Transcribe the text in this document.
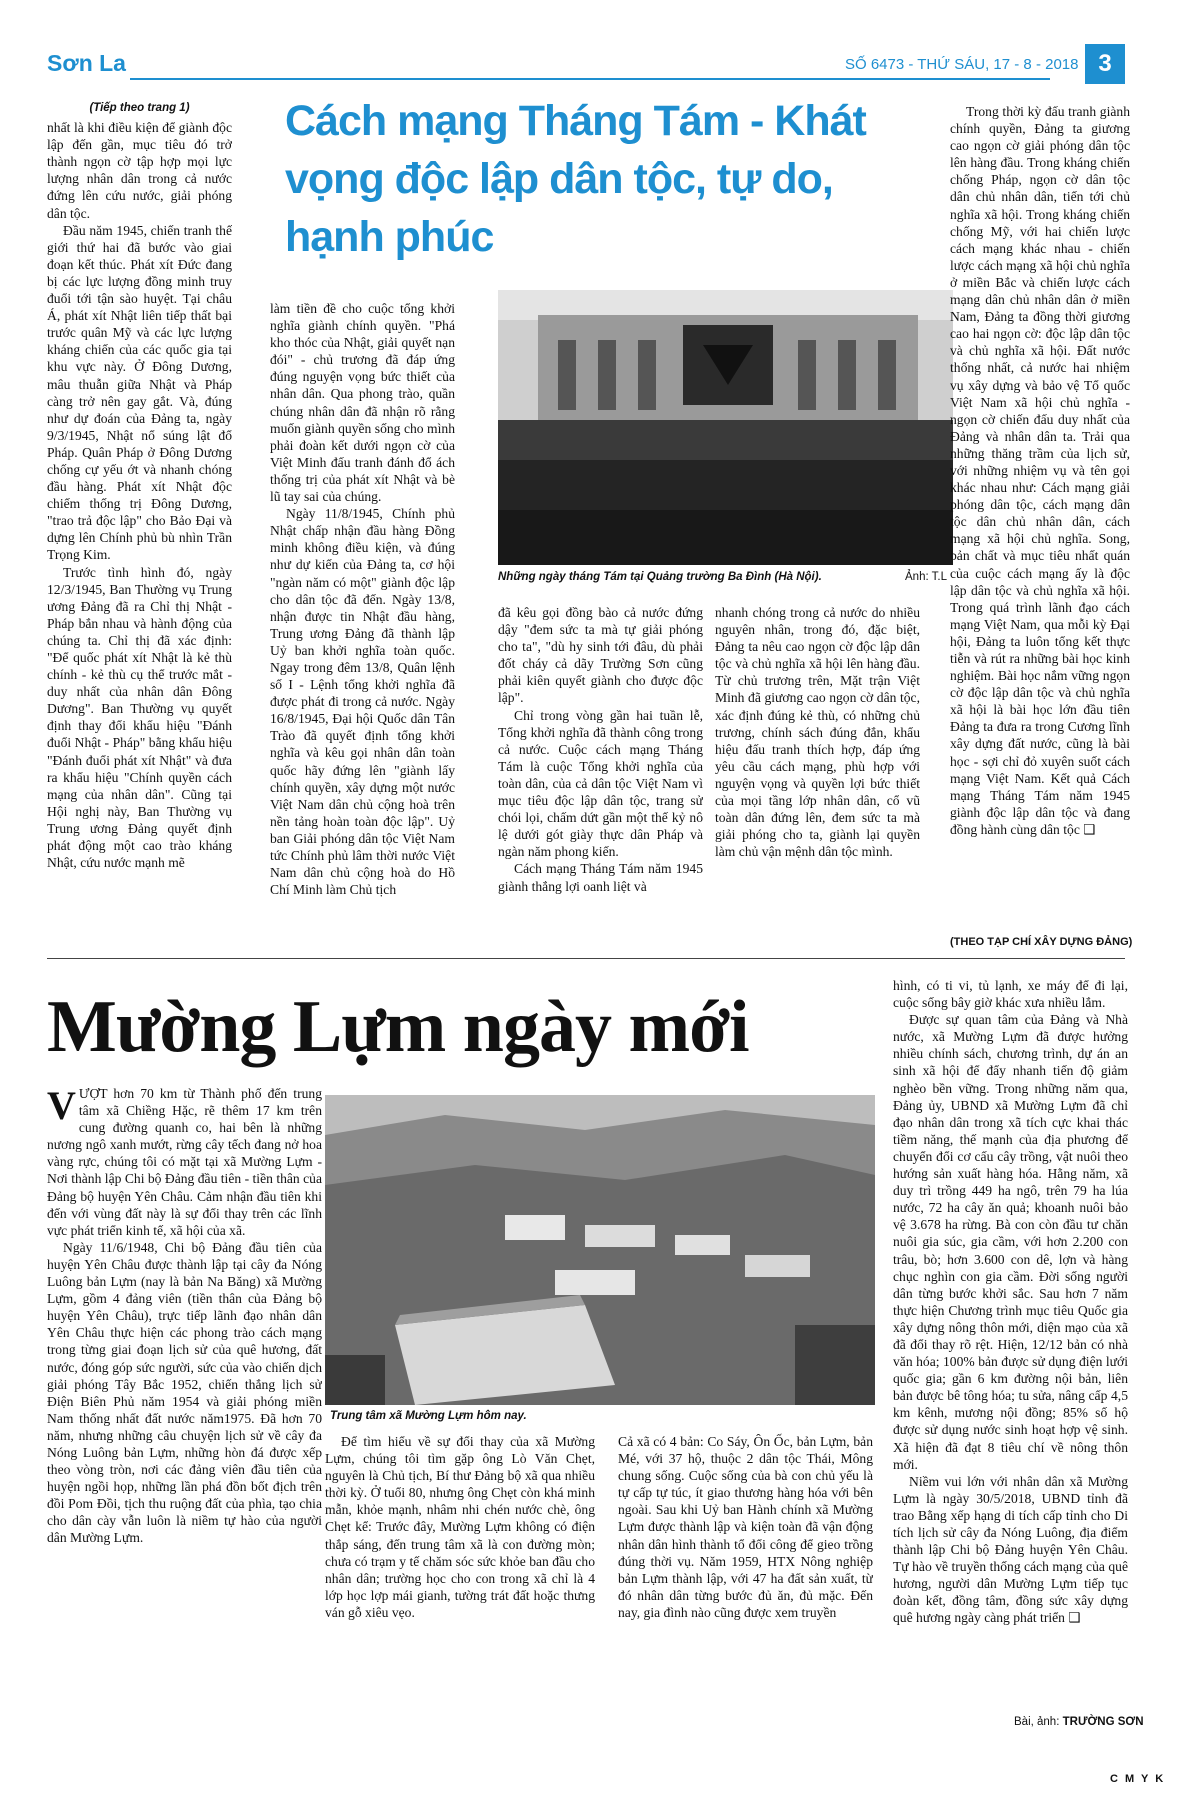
Sơn La	SỐ 6473 - THỨ SÁU, 17 - 8 - 2018 3
(Tiếp theo trang 1)

nhất là khi điều kiện để giành độc lập đến gần, mục tiêu đó trở thành ngọn cờ tập hợp mọi lực lượng nhân dân trong cả nước đứng lên cứu nước, giải phóng dân tộc.

Đầu năm 1945, chiến tranh thế giới thứ hai đã bước vào giai đoạn kết thúc. Phát xít Đức đang bị các lực lượng đồng minh truy đuổi tới tận sào huyệt. Tại châu Á, phát xít Nhật liên tiếp thất bại trước quân Mỹ và các lực lượng kháng chiến của các quốc gia tại khu vực này. Ở Đông Dương, mâu thuẫn giữa Nhật và Pháp càng trở nên gay gắt. Và, đúng như dự đoán của Đảng ta, ngày 9/3/1945, Nhật nổ súng lật đổ Pháp. Quân Pháp ở Đông Dương chống cự yếu ớt và nhanh chóng đầu hàng. Phát xít Nhật độc chiếm thống trị Đông Dương, "trao trả độc lập" cho Bảo Đại và dựng lên Chính phủ bù nhìn Trần Trọng Kim.

Trước tình hình đó, ngày 12/3/1945, Ban Thường vụ Trung ương Đảng đã ra Chỉ thị Nhật - Pháp bắn nhau và hành động của chúng ta. Chỉ thị đã xác định: "Để quốc phát xít Nhật là kẻ thù chính - kẻ thù cụ thể trước mắt - duy nhất của nhân dân Đông Dương". Ban Thường vụ quyết định thay đổi khẩu hiệu "Đánh đuổi Nhật - Pháp" bằng khẩu hiệu "Đánh đuổi phát xít Nhật" và đưa ra khẩu hiệu "Chính quyền cách mạng của nhân dân". Cũng tại Hội nghị này, Ban Thường vụ Trung ương Đảng quyết định phát động một cao trào kháng Nhật, cứu nước mạnh mẽ

Cách mạng Tháng Tám - Khát vọng độc lập dân tộc, tự do, hạnh phúc

làm tiền đề cho cuộc tổng khởi nghĩa giành chính quyền. "Phá kho thóc của Nhật, giải quyết nạn đói" - chủ trương đã đáp ứng đúng nguyện vọng bức thiết của nhân dân. Qua phong trào, quần chúng nhân dân đã nhận rõ rằng muốn giành quyền sống cho mình phải đoàn kết dưới ngọn cờ của Việt Minh đấu tranh đánh đổ ách thống trị của phát xít Nhật và bè lũ tay sai của chúng.

Ngày 11/8/1945, Chính phủ Nhật chấp nhận đầu hàng Đồng minh không điều kiện, và đúng như dự kiến của Đảng ta, cơ hội "ngàn năm có một" giành độc lập cho dân tộc đã đến. Ngày 13/8, nhận được tin Nhật đầu hàng, Trung ương Đảng đã thành lập Uỷ ban khởi nghĩa toàn quốc. Ngay trong đêm 13/8, Quân lệnh số I - Lệnh tổng khởi nghĩa đã được phát đi trong cả nước. Ngày 16/8/1945, Đại hội Quốc dân Tân Trào đã quyết định tổng khởi nghĩa và kêu gọi nhân dân toàn quốc hãy đứng lên "giành lấy chính quyền, xây dựng một nước Việt Nam dân chủ cộng hoà trên nền tảng hoàn toàn độc lập". Uỷ ban Giải phóng dân tộc Việt Nam tức Chính phủ lâm thời nước Việt Nam dân chủ cộng hoà do Hồ Chí Minh làm Chủ tịch

Những ngày tháng Tám tại Quảng trường Ba Đình (Hà Nội).	Ảnh: T.L

đã kêu gọi đồng bào cả nước đứng dậy "đem sức ta mà tự giải phóng cho ta", "dù hy sinh tới đâu, dù phải đốt cháy cả dãy Trường Sơn cũng phải kiên quyết giành cho được độc lập".

Chỉ trong vòng gần hai tuần lễ, Tổng khởi nghĩa đã thành công trong cả nước. Cuộc cách mạng Tháng Tám là cuộc Tổng khởi nghĩa của toàn dân, của cả dân tộc Việt Nam vì mục tiêu độc lập dân tộc, trang sử chói lọi, chấm dứt gần một thế kỷ nô lệ dưới gót giày thực dân Pháp và ngàn năm phong kiến.

Cách mạng Tháng Tám năm 1945 giành thắng lợi oanh liệt và

nhanh chóng trong cả nước do nhiều nguyên nhân, trong đó, đặc biệt, Đảng ta nêu cao ngọn cờ độc lập dân tộc và chủ nghĩa xã hội lên hàng đầu. Từ chủ trương trên, Mặt trận Việt Minh đã giương cao ngọn cờ dân tộc, xác định đúng kẻ thù, có những chủ trương, chính sách đúng đắn, khẩu hiệu đấu tranh thích hợp, đáp ứng yêu cầu cách mạng, phù hợp với nguyện vọng và quyền lợi bức thiết của mọi tầng lớp nhân dân, cổ vũ toàn dân đứng lên, đem sức ta mà giải phóng cho ta, giành lại quyền làm chủ vận mệnh dân tộc mình.

Trong thời kỳ đấu tranh giành chính quyền, Đảng ta giương cao ngọn cờ giải phóng dân tộc lên hàng đầu. Trong kháng chiến chống Pháp, ngọn cờ dân tộc dân chủ nhân dân, tiến tới chủ nghĩa xã hội. Trong kháng chiến chống Mỹ, với hai chiến lược cách mạng khác nhau - chiến lược cách mạng xã hội chủ nghĩa ở miền Bắc và chiến lược cách mạng dân chủ nhân dân ở miền Nam, Đảng ta đồng thời giương cao hai ngọn cờ: độc lập dân tộc và chủ nghĩa xã hội. Đất nước thống nhất, cả nước hai nhiệm vụ xây dựng và bảo vệ Tổ quốc Việt Nam xã hội chủ nghĩa - ngọn cờ chiến đấu duy nhất của Đảng và nhân dân ta. Trải qua những thăng trầm của lịch sử, với những nhiệm vụ và tên gọi khác nhau như: Cách mạng giải phóng dân tộc, cách mạng dân tộc dân chủ nhân dân, cách mạng xã hội chủ nghĩa. Song, bản chất và mục tiêu nhất quán của cuộc cách mạng ấy là độc lập dân tộc và chủ nghĩa xã hội. Trong quá trình lãnh đạo cách mạng Việt Nam, qua mỗi kỳ Đại hội, Đảng ta luôn tổng kết thực tiễn và rút ra những bài học kinh nghiệm. Bài học nắm vững ngọn cờ độc lập dân tộc và chủ nghĩa xã hội là bài học lớn đầu tiên Đảng ta đưa ra trong Cương lĩnh xây dựng đất nước, cũng là bài học - sợi chỉ đỏ xuyên suốt cách mạng Việt Nam. Kết quả Cách mạng Tháng Tám năm 1945 giành độc lập dân tộc và đang đồng hành cùng dân tộc ❑

(THEO TẠP CHÍ XÂY DỰNG ĐẢNG)
Mường Lựm ngày mới

VƯỢT hơn 70 km từ Thành phố đến trung tâm xã Chiềng Hặc, rẽ thêm 17 km trên cung đường quanh co, hai bên là những nương ngô xanh mướt, rừng cây tếch đang nở hoa vàng rực, chúng tôi có mặt tại xã Mường Lựm - Nơi thành lập Chi bộ Đảng đầu tiên - tiền thân của Đảng bộ huyện Yên Châu. Cảm nhận đầu tiên khi đến với vùng đất này là sự đổi thay trên các lĩnh vực phát triển kinh tế, xã hội của xã.

Ngày 11/6/1948, Chi bộ Đảng đầu tiên của huyện Yên Châu được thành lập tại cây đa Nóng Luông bản Lựm (nay là bản Na Băng) xã Mường Lựm, gồm 4 đảng viên (tiền thân của Đảng bộ huyện Yên Châu), trực tiếp lãnh đạo nhân dân Yên Châu thực hiện các phong trào cách mạng trong từng giai đoạn lịch sử của quê hương, đất nước, đóng góp sức người, sức của vào chiến dịch giải phóng Tây Bắc 1952, chiến thắng lịch sử Điện Biên Phủ năm 1954 và giải phóng miền Nam thống nhất đất nước năm1975. Đã hơn 70 năm, nhưng những câu chuyện lịch sử về cây đa Nóng Luông bản Lựm, những hòn đá được xếp theo vòng tròn, nơi các đảng viên đầu tiên của huyện ngồi họp, những lần phá đồn bốt địch trên đồi Pom Đồi, tịch thu ruộng đất của phìa, tạo chia cho dân cày vẫn luôn là niềm tự hào của người dân Mường Lựm.

Trung tâm xã Mường Lựm hôm nay.

Để tìm hiểu về sự đổi thay của xã Mường Lựm, chúng tôi tìm gặp ông Lò Văn Chẹt, nguyên là Chủ tịch, Bí thư Đảng bộ xã qua nhiều thời kỳ. Ở tuổi 80, nhưng ông Chẹt còn khá minh mẫn, khỏe mạnh, nhâm nhi chén nước chè, ông Chẹt kể: Trước đây, Mường Lựm không có điện thắp sáng, đến trung tâm xã là con đường mòn; chưa có trạm y tế chăm sóc sức khỏe ban đầu cho nhân dân; trường học cho con trong xã chỉ là 4 lớp học lợp mái gianh, tường trát đất hoặc thưng ván gỗ xiêu vẹo.

Cả xã có 4 bản: Co Sáy, Ôn Ốc, bản Lựm, bản Mé, với 37 hộ, thuộc 2 dân tộc Thái, Mông chung sống. Cuộc sống của bà con chủ yếu là tự cấp tự túc, ít giao thương hàng hóa với bên ngoài. Sau khi Uỷ ban Hành chính xã Mường Lựm được thành lập và kiện toàn đã vận động nhân dân hình thành tổ đổi công để gieo trồng đúng thời vụ. Năm 1959, HTX Nông nghiệp bản Lựm thành lập, với 47 ha đất sản xuất, từ đó nhân dân từng bước đủ ăn, đủ mặc. Đến nay, gia đình nào cũng được xem truyền

hình, có ti vi, tủ lạnh, xe máy để đi lại, cuộc sống bây giờ khác xưa nhiều lắm.

Được sự quan tâm của Đảng và Nhà nước, xã Mường Lựm đã được hưởng nhiều chính sách, chương trình, dự án an sinh xã hội để đẩy nhanh tiến độ giảm nghèo bền vững. Trong những năm qua, Đảng ủy, UBND xã Mường Lựm đã chỉ đạo nhân dân trong xã tích cực khai thác tiềm năng, thế mạnh của địa phương để chuyển đổi cơ cấu cây trồng, vật nuôi theo hướng sản xuất hàng hóa. Hằng năm, xã duy trì trồng 449 ha ngô, trên 79 ha lúa nước, 72 ha cây ăn quả; khoanh nuôi bảo vệ 3.678 ha rừng. Bà con còn đầu tư chăn nuôi gia súc, gia cầm, với hơn 2.200 con trâu, bò; hơn 3.600 con dê, lợn và hàng chục nghìn con gia cầm. Đời sống người dân từng bước khởi sắc. Sau hơn 7 năm thực hiện Chương trình mục tiêu Quốc gia xây dựng nông thôn mới, diện mạo của xã đã đổi thay rõ rệt. Hiện, 12/12 bản có nhà văn hóa; 100% bản được sử dụng điện lưới quốc gia; gần 6 km đường nội bản, liên bản được bê tông hóa; tu sửa, nâng cấp 4,5 km kênh, mương nội đồng; 85% số hộ được sử dụng nước sinh hoạt hợp vệ sinh. Xã hiện đã đạt 8 tiêu chí về nông thôn mới.

Niềm vui lớn với nhân dân xã Mường Lựm là ngày 30/5/2018, UBND tỉnh đã trao Bằng xếp hạng di tích cấp tỉnh cho Di tích lịch sử cây đa Nóng Luông, địa điểm thành lập Chi bộ Đảng huyện Yên Châu. Tự hào về truyền thống cách mạng của quê hương, người dân Mường Lựm tiếp tục đoàn kết, đồng tâm, đồng sức xây dựng quê hương ngày càng phát triển ❑

Bài, ảnh: TRƯỜNG SƠN
C M Y K
